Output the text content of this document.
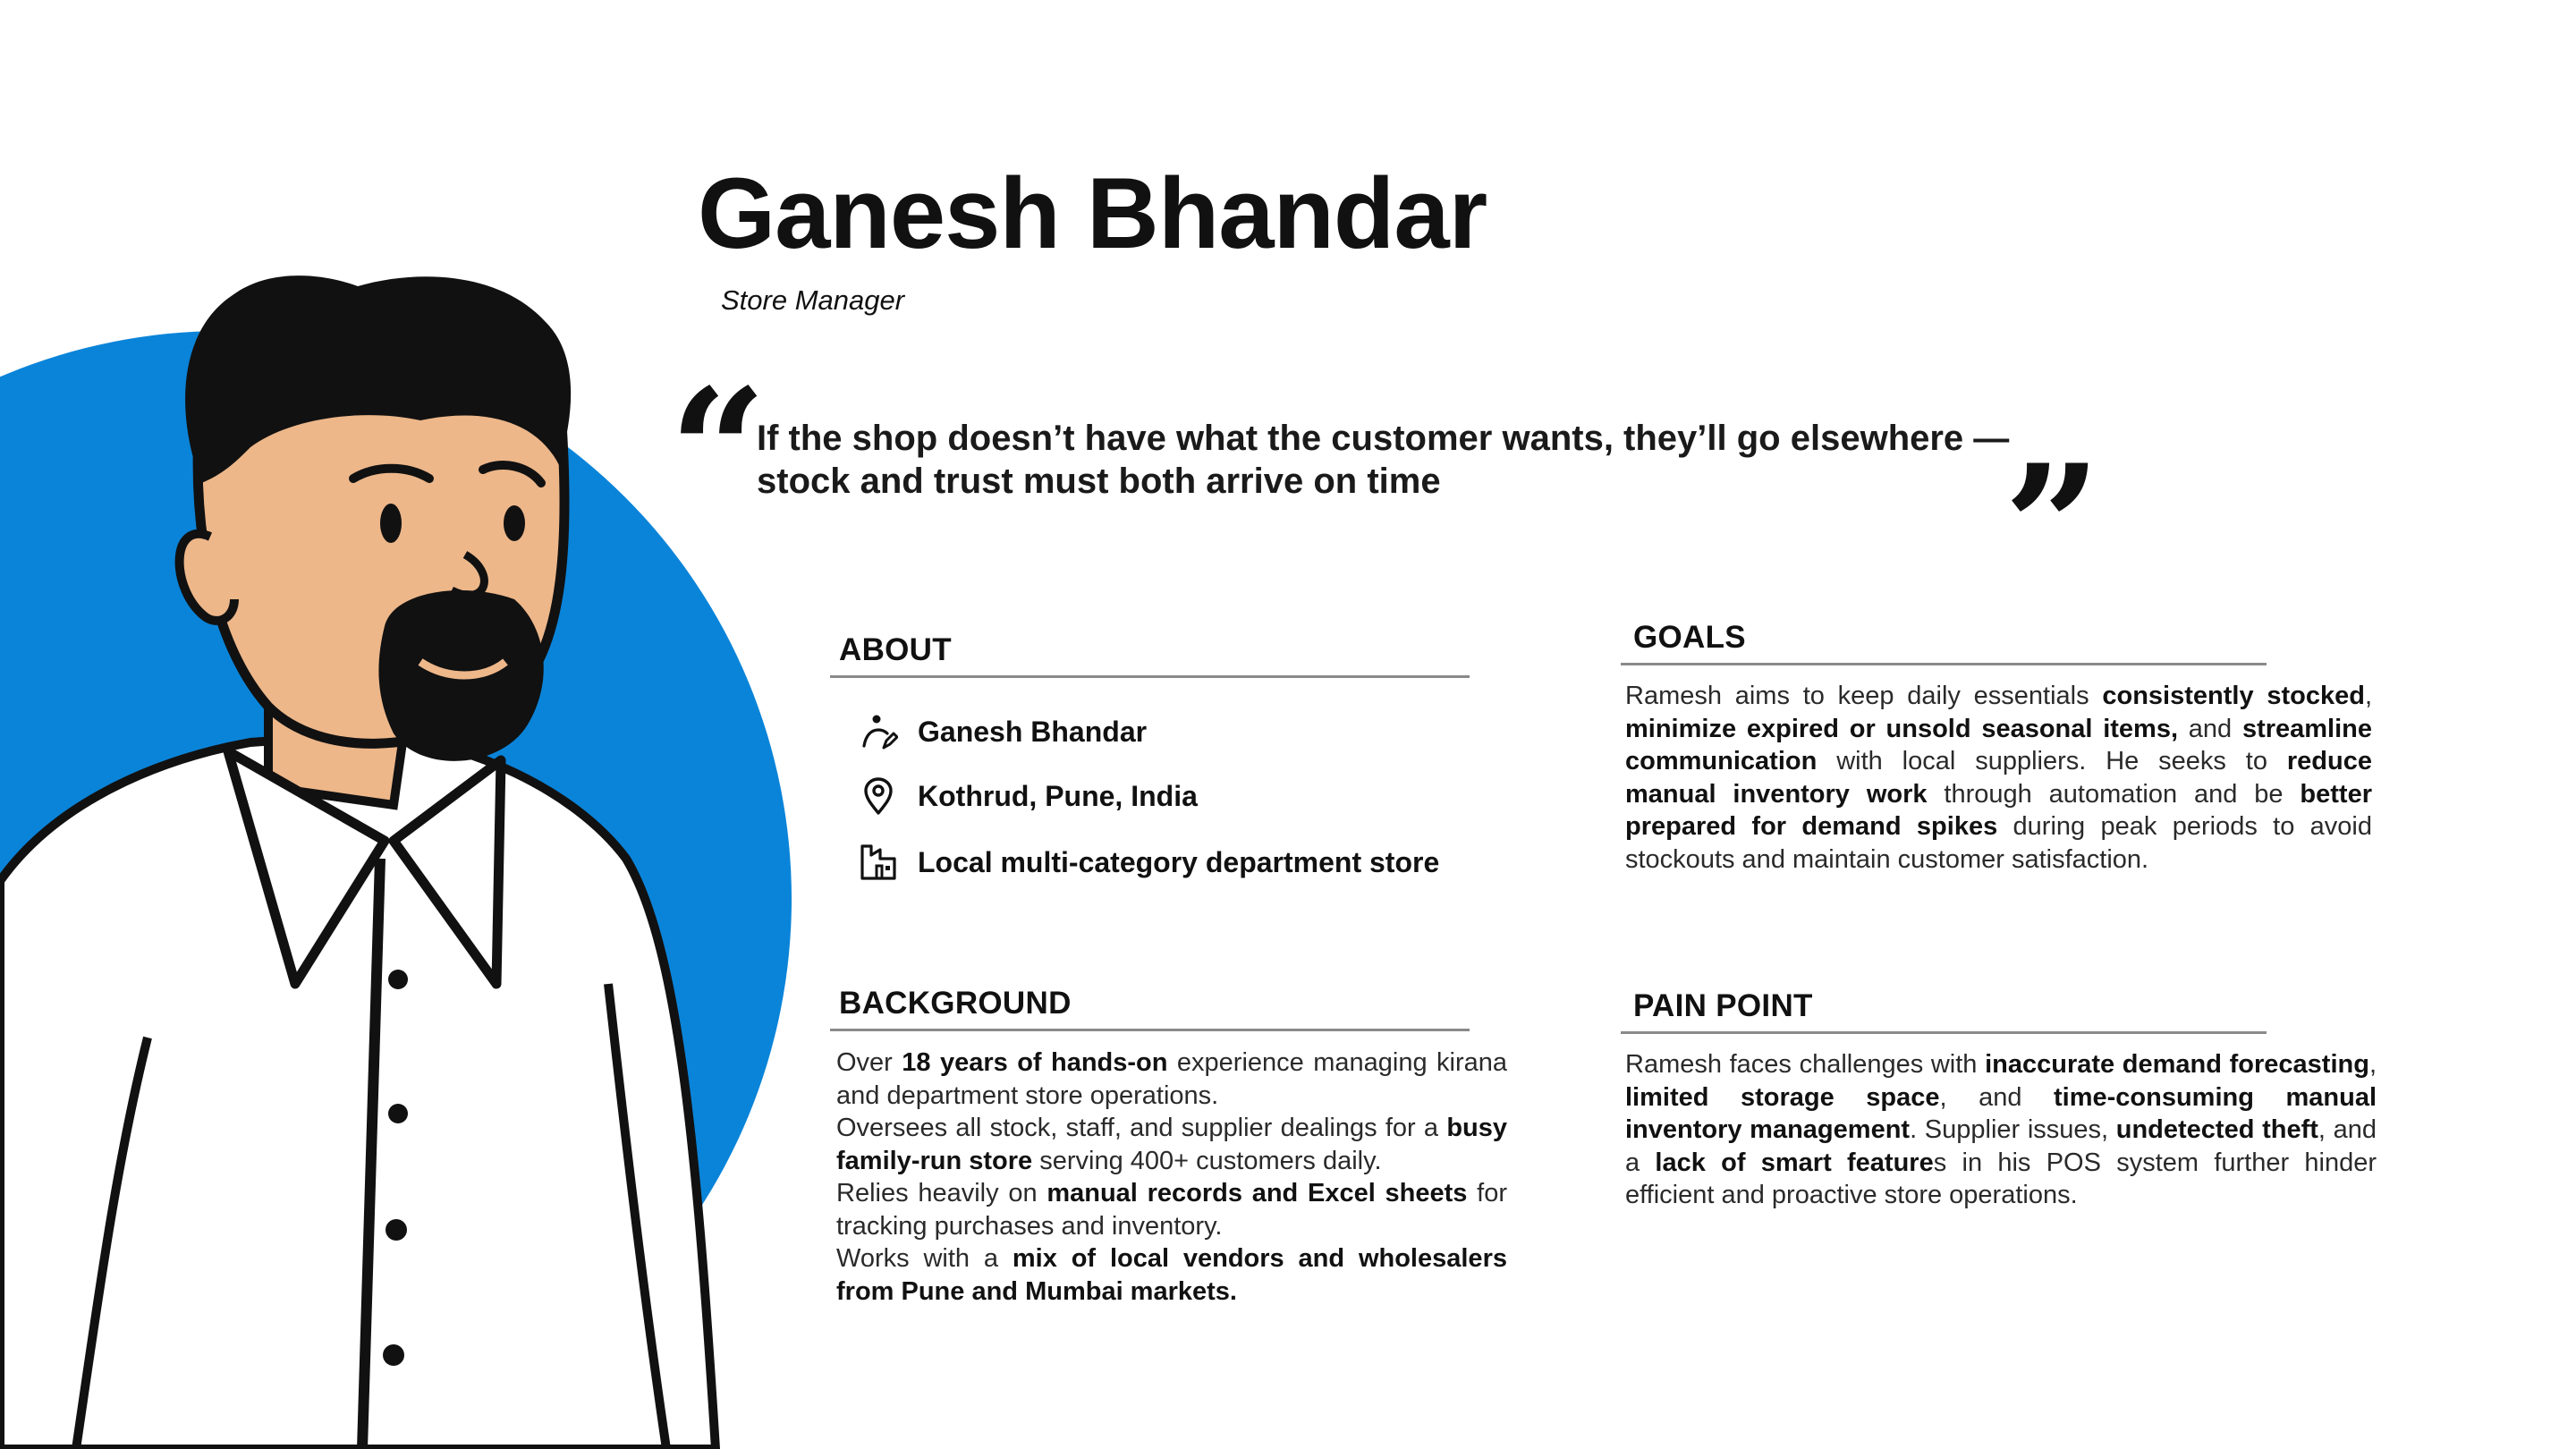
Ganesh Bhandar
Store Manager
“
If the shop doesn’t have what the customer wants, they’ll go elsewhere —
stock and trust must both arrive on time	”
ABOUT
Ganesh Bhandar
Kothrud, Pune, India
Local multi-category department store
BACKGROUND
Over 18 years of hands-on experience managing kirana and department store operations.
Oversees all stock, staff, and supplier dealings for a busy family-run store serving 400+ customers daily.
Relies heavily on manual records and Excel sheets for tracking purchases and inventory.
Works with a mix of local vendors and wholesalers from Pune and Mumbai markets.
GOALS
Ramesh aims to keep daily essentials consistently stocked, minimize expired or unsold seasonal items, and streamline communication with local suppliers. He seeks to reduce manual inventory work through automation and be better prepared for demand spikes during peak periods to avoid stockouts and maintain customer satisfaction.
PAIN POINT
Ramesh faces challenges with inaccurate demand forecasting, limited storage space, and time-consuming manual inventory management. Supplier issues, undetected theft, and a lack of smart features in his POS system further hinder efficient and proactive store operations.
